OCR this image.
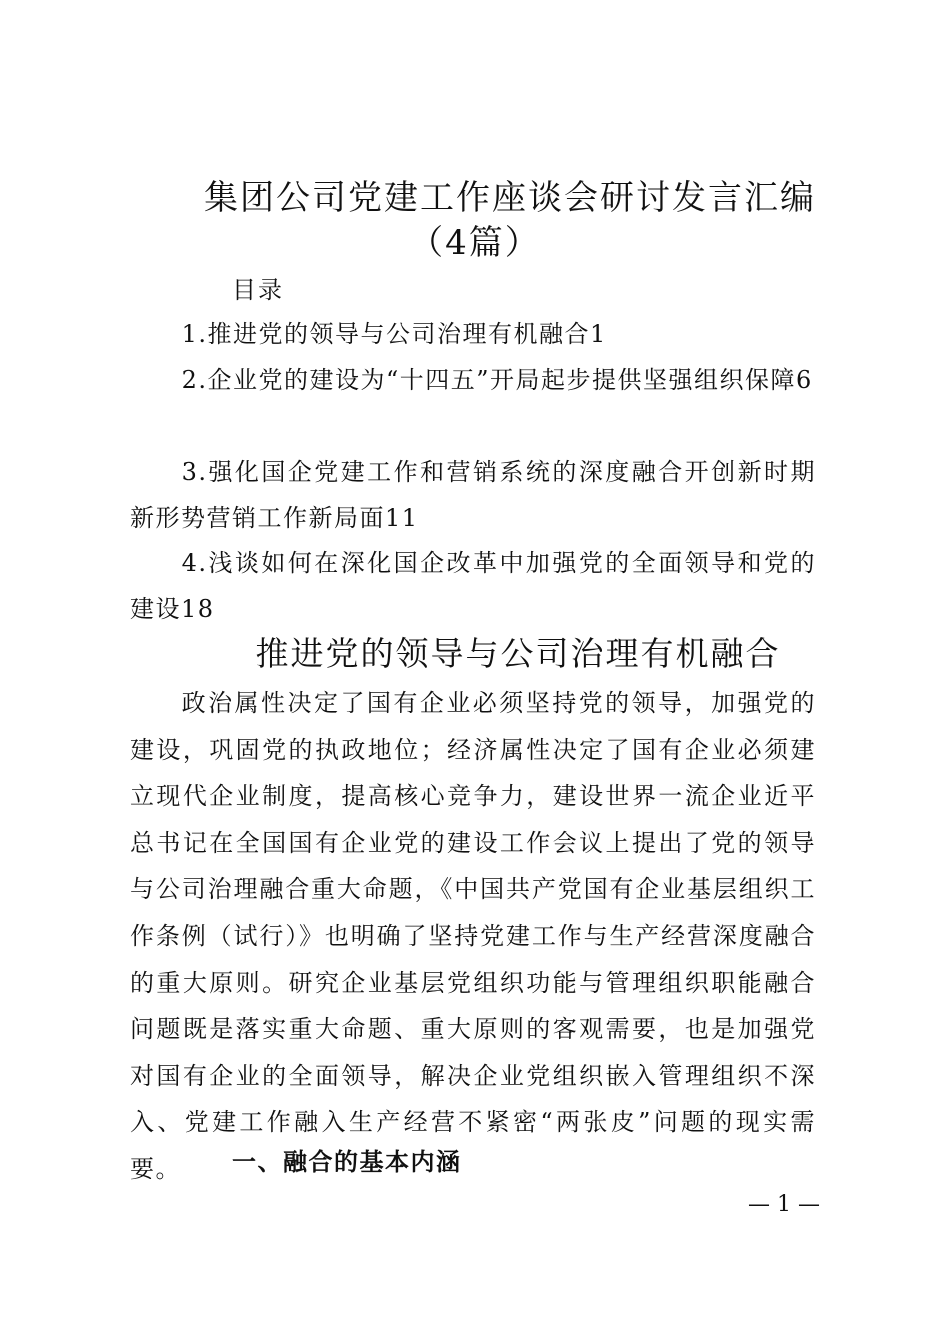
集团公司党建工作座谈会研讨发言汇编
（4篇）
目录

1.推进党的领导与公司治理有机融合1

2.企业党的建设为“十四五”开局起步提供坚强组织保障6

3.强化国企党建工作和营销系统的深度融合开创新时期新形势营销工作新局面11

4.浅谈如何在深化国企改革中加强党的全面领导和党的建设18

推进党的领导与公司治理有机融合

政治属性决定了国有企业必须坚持党的领导，加强党的建设，巩固党的执政地位；经济属性决定了国有企业必须建立现代企业制度，提高核心竞争力，建设世界一流企业近平总书记在全国国有企业党的建设工作会议上提出了党的领导与公司治理融合重大命题，《中国共产党国有企业基层组织工作条例（试行）》也明确了坚持党建工作与生产经营深度融合的重大原则。研究企业基层党组织功能与管理组织职能融合问题既是落实重大命题、重大原则的客观需要，也是加强党对国有企业的全面领导，解决企业党组织嵌入管理组织不深入、党建工作融入生产经营不紧密“两张皮”问题的现实需要。	一、融合的基本内涵
— 1 —
